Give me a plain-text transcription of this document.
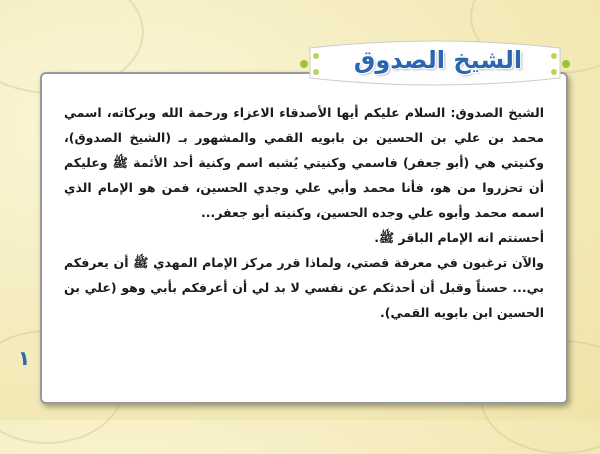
الشيخ الصدوق

الشيخ الصدوق: السلام عليكم أيها الأصدقاء الاعزاء ورحمة الله وبركاته، اسمي محمد بن علي بن الحسين بن بابويه القمي والمشهور بـ (الشيخ الصدوق)، وكنيتي هي (أبو جعفر) فاسمي وكنيتي يُشبه اسم وكنية أحد الأئمة ﷺ وعليكم أن تحزروا من هو، فأنا محمد وأبي علي وجدي الحسين، فمن هو الإمام الذي اسمه محمد وأبوه علي وجده الحسين، وكنيته أبو جعفر...

أحسنتم انه الإمام الباقر ﷺ.

والآن ترغبون في معرفة قصتي، ولماذا قرر مركز الإمام المهدي ﷺ أن يعرفكم بي... حسناً وقبل أن أحدثكم عن نفسي لا بد لي أن أعرفكم بأبي وهو (علي بن الحسين ابن بابويه القمي).

١
